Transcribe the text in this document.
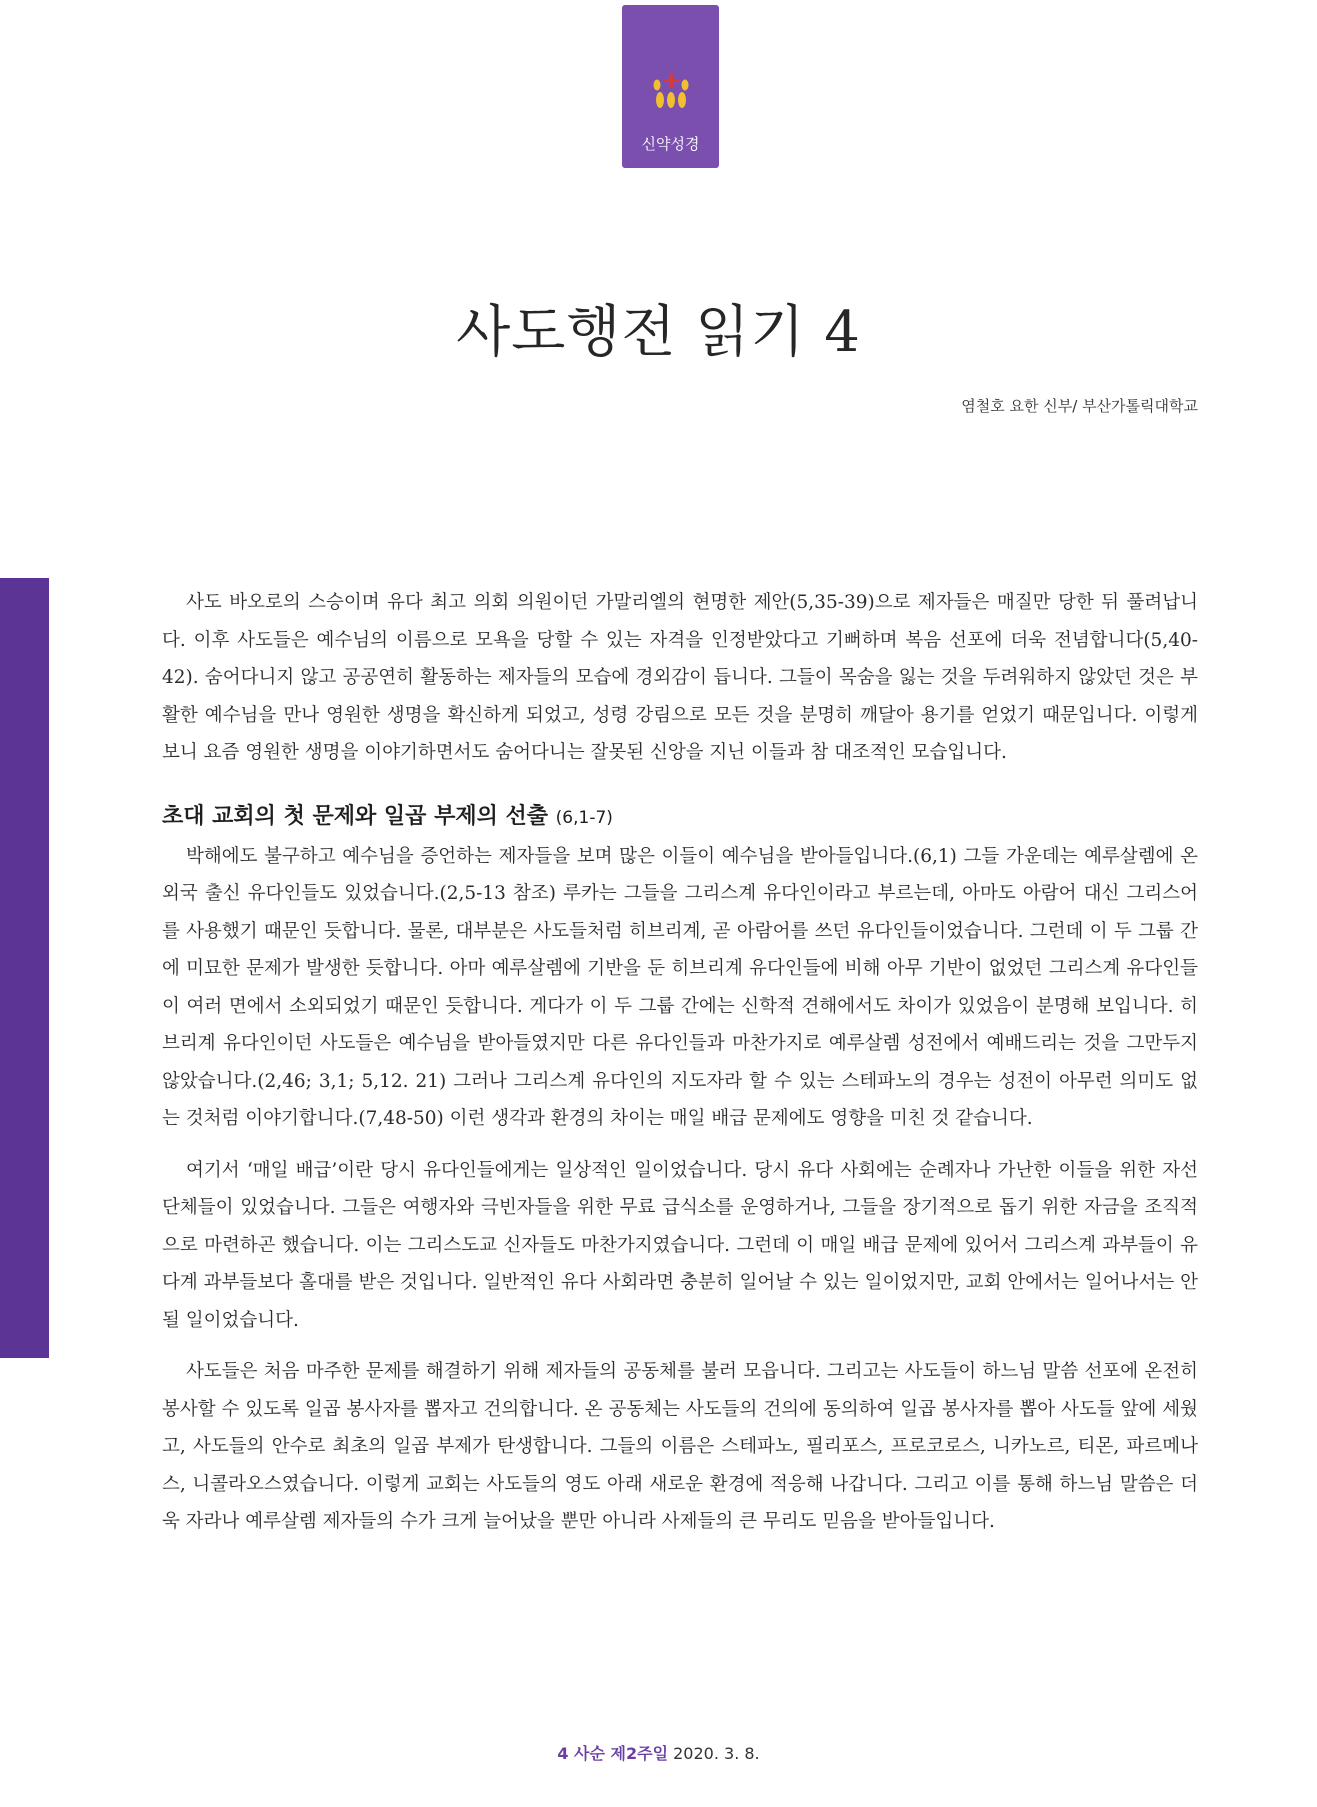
신약성경
사도행전 읽기 4
염철호 요한 신부/ 부산가톨릭대학교

사도 바오로의 스승이며 유다 최고 의회 의원이던 가말리엘의 현명한 제안(5,35-39)으로 제자들은 매질만 당한 뒤 풀려납니다. 이후 사도들은 예수님의 이름으로 모욕을 당할 수 있는 자격을 인정받았다고 기뻐하며 복음 선포에 더욱 전념합니다(5,40-42). 숨어다니지 않고 공공연히 활동하는 제자들의 모습에 경외감이 듭니다. 그들이 목숨을 잃는 것을 두려워하지 않았던 것은 부활한 예수님을 만나 영원한 생명을 확신하게 되었고, 성령 강림으로 모든 것을 분명히 깨달아 용기를 얻었기 때문입니다. 이렇게 보니 요즘 영원한 생명을 이야기하면서도 숨어다니는 잘못된 신앙을 지닌 이들과 참 대조적인 모습입니다.

초대 교회의 첫 문제와 일곱 부제의 선출 (6,1-7)

박해에도 불구하고 예수님을 증언하는 제자들을 보며 많은 이들이 예수님을 받아들입니다.(6,1) 그들 가운데는 예루살렘에 온 외국 출신 유다인들도 있었습니다.(2,5-13 참조) 루카는 그들을 그리스계 유다인이라고 부르는데, 아마도 아람어 대신 그리스어를 사용했기 때문인 듯합니다. 물론, 대부분은 사도들처럼 히브리계, 곧 아람어를 쓰던 유다인들이었습니다. 그런데 이 두 그룹 간에 미묘한 문제가 발생한 듯합니다. 아마 예루살렘에 기반을 둔 히브리계 유다인들에 비해 아무 기반이 없었던 그리스계 유다인들이 여러 면에서 소외되었기 때문인 듯합니다. 게다가 이 두 그룹 간에는 신학적 견해에서도 차이가 있었음이 분명해 보입니다. 히브리계 유다인이던 사도들은 예수님을 받아들였지만 다른 유다인들과 마찬가지로 예루살렘 성전에서 예배드리는 것을 그만두지 않았습니다.(2,46; 3,1; 5,12. 21) 그러나 그리스계 유다인의 지도자라 할 수 있는 스테파노의 경우는 성전이 아무런 의미도 없는 것처럼 이야기합니다.(7,48-50) 이런 생각과 환경의 차이는 매일 배급 문제에도 영향을 미친 것 같습니다.

여기서 ‘매일 배급’이란 당시 유다인들에게는 일상적인 일이었습니다. 당시 유다 사회에는 순례자나 가난한 이들을 위한 자선 단체들이 있었습니다. 그들은 여행자와 극빈자들을 위한 무료 급식소를 운영하거나, 그들을 장기적으로 돕기 위한 자금을 조직적으로 마련하곤 했습니다. 이는 그리스도교 신자들도 마찬가지였습니다. 그런데 이 매일 배급 문제에 있어서 그리스계 과부들이 유다계 과부들보다 홀대를 받은 것입니다. 일반적인 유다 사회라면 충분히 일어날 수 있는 일이었지만, 교회 안에서는 일어나서는 안 될 일이었습니다.

사도들은 처음 마주한 문제를 해결하기 위해 제자들의 공동체를 불러 모읍니다. 그리고는 사도들이 하느님 말씀 선포에 온전히 봉사할 수 있도록 일곱 봉사자를 뽑자고 건의합니다. 온 공동체는 사도들의 건의에 동의하여 일곱 봉사자를 뽑아 사도들 앞에 세웠고, 사도들의 안수로 최초의 일곱 부제가 탄생합니다. 그들의 이름은 스테파노, 필리포스, 프로코로스, 니카노르, 티몬, 파르메나스, 니콜라오스였습니다. 이렇게 교회는 사도들의 영도 아래 새로운 환경에 적응해 나갑니다. 그리고 이를 통해 하느님 말씀은 더욱 자라나 예루살렘 제자들의 수가 크게 늘어났을 뿐만 아니라 사제들의 큰 무리도 믿음을 받아들입니다.

4 사순 제2주일 2020. 3. 8.
